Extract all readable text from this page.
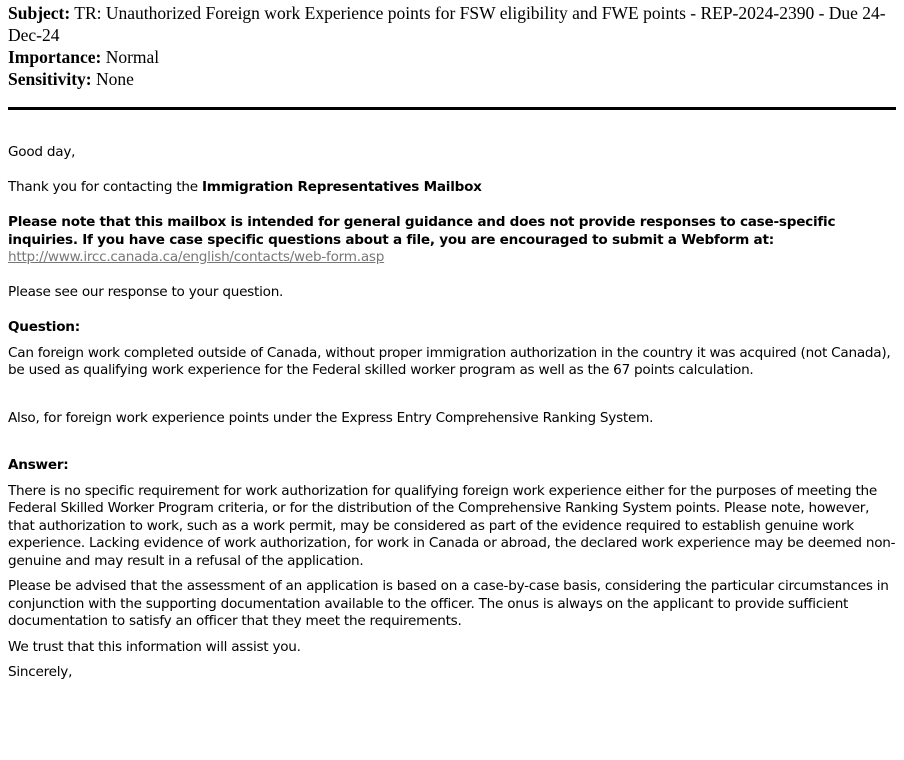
Subject: TR: Unauthorized Foreign work Experience points for FSW eligibility and FWE points - REP-2024-2390 - Due 24-Dec-24

Importance: Normal

Sensitivity: None

Good day,

Thank you for contacting the Immigration Representatives Mailbox

Please note that this mailbox is intended for general guidance and does not provide responses to case-specific inquiries. If you have case specific questions about a file, you are encouraged to submit a Webform at:

http://www.ircc.canada.ca/english/contacts/web-form.asp

Please see our response to your question.

Question:

Can foreign work completed outside of Canada, without proper immigration authorization in the country it was acquired (not Canada), be used as qualifying work experience for the Federal skilled worker program as well as the 67 points calculation.

Also, for foreign work experience points under the Express Entry Comprehensive Ranking System.

Answer:

There is no specific requirement for work authorization for qualifying foreign work experience either for the purposes of meeting the Federal Skilled Worker Program criteria, or for the distribution of the Comprehensive Ranking System points. Please note, however, that authorization to work, such as a work permit, may be considered as part of the evidence required to establish genuine work experience. Lacking evidence of work authorization, for work in Canada or abroad, the declared work experience may be deemed non-genuine and may result in a refusal of the application.

Please be advised that the assessment of an application is based on a case-by-case basis, considering the particular circumstances in conjunction with the supporting documentation available to the officer. The onus is always on the applicant to provide sufficient documentation to satisfy an officer that they meet the requirements.

We trust that this information will assist you.

Sincerely,
